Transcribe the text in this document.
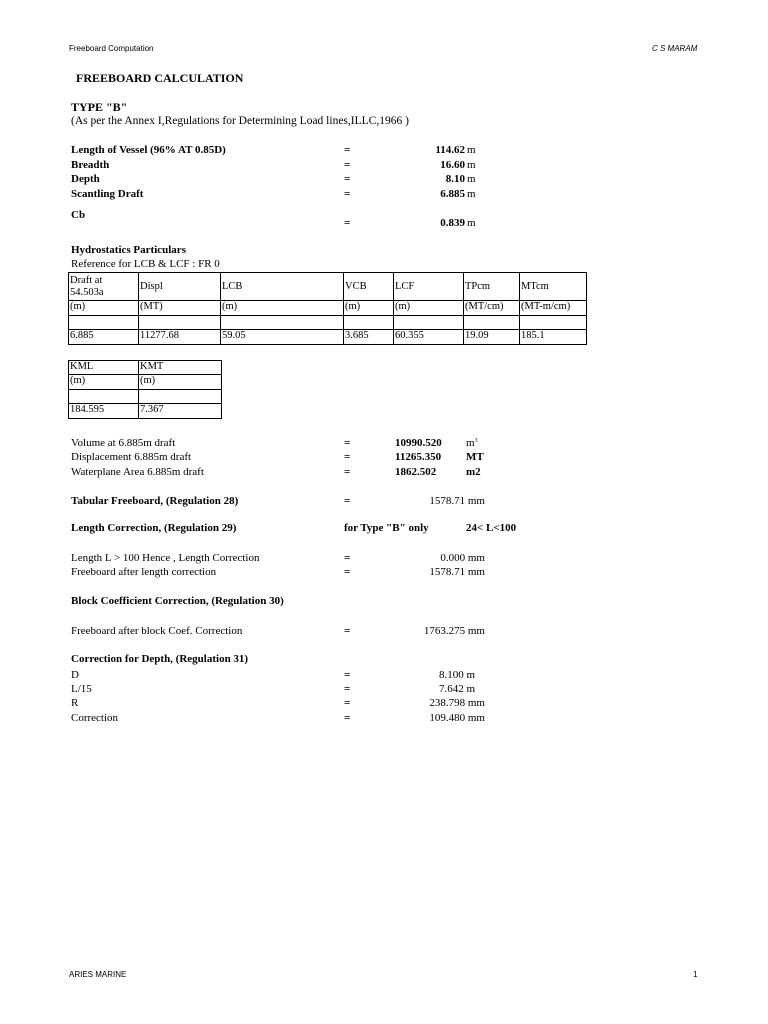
Freeboard Computation	C S MARAM
ARIES MARINE	1
FREEBOARD CALCULATION
TYPE "B"
(As per the Annex I,Regulations for Determining Load lines,ILLC,1966 )
Length of Vessel (96% AT 0.85D)	=	114.62 m
Breadth	=	16.60 m
Depth	=	8.10 m
Scantling Draft	=	6.885 m
Cb
=	0.839 m
Hydrostatics Particulars
Reference for LCB & LCF : FR 0
Draft at 54.503a	Displ	LCB	VCB	LCF	TPcm	MTcm
(m)	(MT)	(m)	(m)	(m)	(MT/cm)	(MT-m/cm)

6.885	11277.68	59.05	3.685	60.355	19.09	185.1
KML	KMT
(m)	(m)

184.595	7.367
Volume at 6.885m draft	=	10990.520 $m^3$
Displacement 6.885m draft	=	11265.350 MT
Waterplane Area 6.885m draft	=	1862.502	m2
Tabular Freeboard, (Regulation 28)	=	1578.71 mm
Length Correction, (Regulation 29)	for Type "B" only	24< L<100
Length L > 100 Hence , Length Correction	=	0.000 mm
Freeboard after length correction	=	1578.71 mm
Block Coefficient Correction, (Regulation 30)
Freeboard after block Coef. Correction	=	1763.275 mm
Correction for Depth, (Regulation 31)
D	=	8.100 m
L/15	=	7.642 m
R	=	238.798 mm
Correction	=	109.480 mm
